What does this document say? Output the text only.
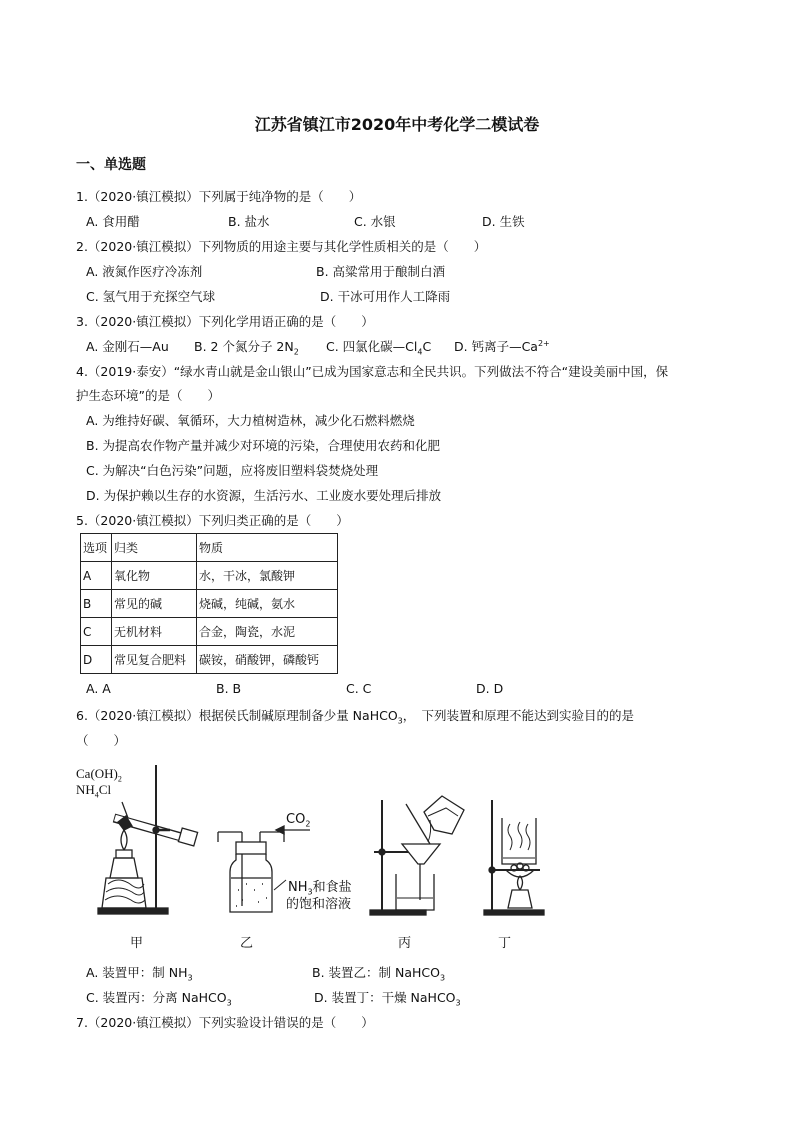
江苏省镇江市2020年中考化学二模试卷
一、单选题
1.（2020·镇江模拟）下列属于纯净物的是（　　）
A. 食用醋	B. 盐水	C. 水银	D. 生铁
2.（2020·镇江模拟）下列物质的用途主要与其化学性质相关的是（　　）
A. 液氮作医疗冷冻剂	B. 高粱常用于酿制白酒
C. 氢气用于充探空气球	D. 干冰可用作人工降雨
3.（2020·镇江模拟）下列化学用语正确的是（　　）
A. 金刚石—Au B. 2 个氮分子 $2N_2$ C. 四氯化碳$—Cl_4C$ D. 钙离子$—Ca^{2+}$
4.（2019·泰安）“绿水青山就是金山银山”已成为国家意志和全民共识。下列做法不符合“建设美丽中国，保
护生态环境”的是（　　）
A. 为维持好碳、氧循环，大力植树造林，减少化石燃料燃烧
B. 为提高农作物产量并减少对环境的污染，合理使用农药和化肥
C. 为解决“白色污染”问题，应将废旧塑料袋焚烧处理
D. 为保护赖以生存的水资源，生活污水、工业废水要处理后排放
5.（2020·镇江模拟）下列归类正确的是（　　）
选项	归类	物质
A	氧化物	水，干冰，氯酸钾
B	常见的碱	烧碱，纯碱，氨水
C	无机材料	合金，陶瓷，水泥
D	常见复合肥料	碳铵，硝酸钾，磷酸钙
A. A	B. B	C. C	D. D
6.（2020·镇江模拟）根据侯氏制碱原理制备少量 NaHCO$_3$，　下列装置和原理不能达到实验目的的是
（　　）
$Ca(OH)_2$
$NH_4Cl$
$CO_2$
$NH_3$和食盐
的饱和溶液
甲	乙	丙	丁
A. 装置甲：制 $NH_3$	B. 装置乙：制 NaHCO$_3$
C. 装置丙：分离 NaHCO$_3$	D. 装置丁：干燥 NaHCO$_3$
7.（2020·镇江模拟）下列实验设计错误的是（　　）
